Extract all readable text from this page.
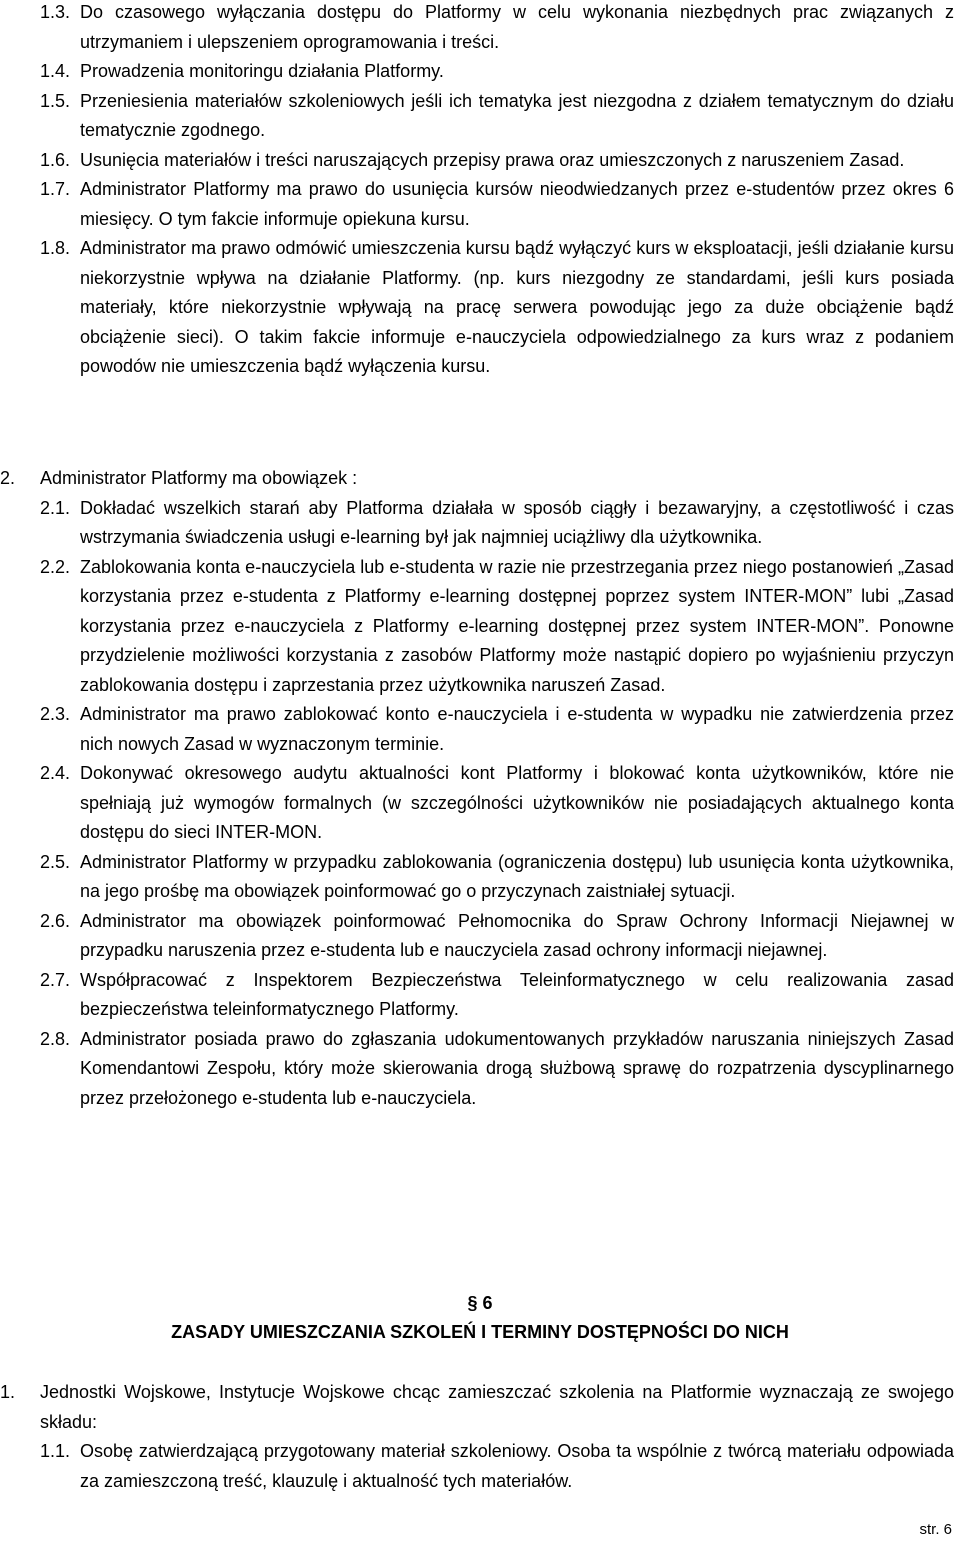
1.3. Do czasowego wyłączania dostępu do Platformy w celu wykonania niezbędnych prac związanych z utrzymaniem i ulepszeniem oprogramowania i treści.
1.4. Prowadzenia monitoringu działania Platformy.
1.5. Przeniesienia materiałów szkoleniowych jeśli ich tematyka jest niezgodna z działem tematycznym do działu tematycznie zgodnego.
1.6. Usunięcia materiałów i treści naruszających przepisy prawa oraz umieszczonych z naruszeniem Zasad.
1.7. Administrator Platformy ma prawo do usunięcia kursów nieodwiedzanych przez e-studentów przez okres 6 miesięcy. O tym fakcie informuje opiekuna kursu.
1.8. Administrator ma prawo odmówić umieszczenia kursu bądź wyłączyć kurs w eksploatacji, jeśli działanie kursu niekorzystnie wpływa na działanie Platformy. (np. kurs niezgodny ze standardami, jeśli kurs posiada materiały, które niekorzystnie wpływają na pracę serwera powodując jego za duże obciążenie bądź obciążenie sieci). O takim fakcie informuje e-nauczyciela odpowiedzialnego za kurs wraz z podaniem powodów nie umieszczenia bądź wyłączenia kursu.
2.	Administrator Platformy ma obowiązek :
2.1. Dokładać wszelkich starań aby Platforma działała w sposób ciągły i bezawaryjny, a częstotliwość i czas wstrzymania świadczenia usługi e-learning był jak najmniej uciążliwy dla użytkownika.
2.2. Zablokowania konta e-nauczyciela lub e-studenta w razie nie przestrzegania przez niego postanowień „Zasad korzystania przez e-studenta z Platformy e-learning dostępnej poprzez system INTER-MON” lubi „Zasad korzystania przez e-nauczyciela z Platformy e-learning dostępnej przez system INTER-MON”. Ponowne przydzielenie możliwości korzystania z zasobów Platformy może nastąpić dopiero po wyjaśnieniu przyczyn zablokowania dostępu i zaprzestania przez użytkownika naruszeń Zasad.
2.3. Administrator ma prawo zablokować konto e-nauczyciela i e-studenta w wypadku nie zatwierdzenia przez nich nowych Zasad w wyznaczonym terminie.
2.4. Dokonywać okresowego audytu aktualności kont Platformy i blokować konta użytkowników, które nie spełniają już wymogów formalnych (w szczególności użytkowników nie posiadających aktualnego konta dostępu do sieci INTER-MON.
2.5. Administrator Platformy w przypadku zablokowania (ograniczenia dostępu) lub usunięcia konta użytkownika, na jego prośbę ma obowiązek poinformować go o przyczynach zaistniałej sytuacji.
2.6. Administrator ma obowiązek poinformować Pełnomocnika do Spraw Ochrony Informacji Niejawnej w przypadku naruszenia przez e-studenta lub e nauczyciela zasad ochrony informacji niejawnej.
2.7. Współpracować z Inspektorem Bezpieczeństwa Teleinformatycznego w celu realizowania zasad bezpieczeństwa teleinformatycznego Platformy.
2.8. Administrator posiada prawo do zgłaszania udokumentowanych przykładów naruszania niniejszych Zasad Komendantowi Zespołu, który może skierowania drogą służbową sprawę do rozpatrzenia dyscyplinarnego przez przełożonego e-studenta lub e-nauczyciela.
§ 6
ZASADY UMIESZCZANIA SZKOLEŃ I TERMINY DOSTĘPNOŚCI DO NICH
1.	Jednostki Wojskowe, Instytucje Wojskowe chcąc zamieszczać szkolenia na Platformie wyznaczają ze swojego składu:
1.1. Osobę zatwierdzającą przygotowany materiał szkoleniowy. Osoba ta wspólnie z twórcą materiału odpowiada za zamieszczoną treść, klauzulę i aktualność tych materiałów.
str. 6
